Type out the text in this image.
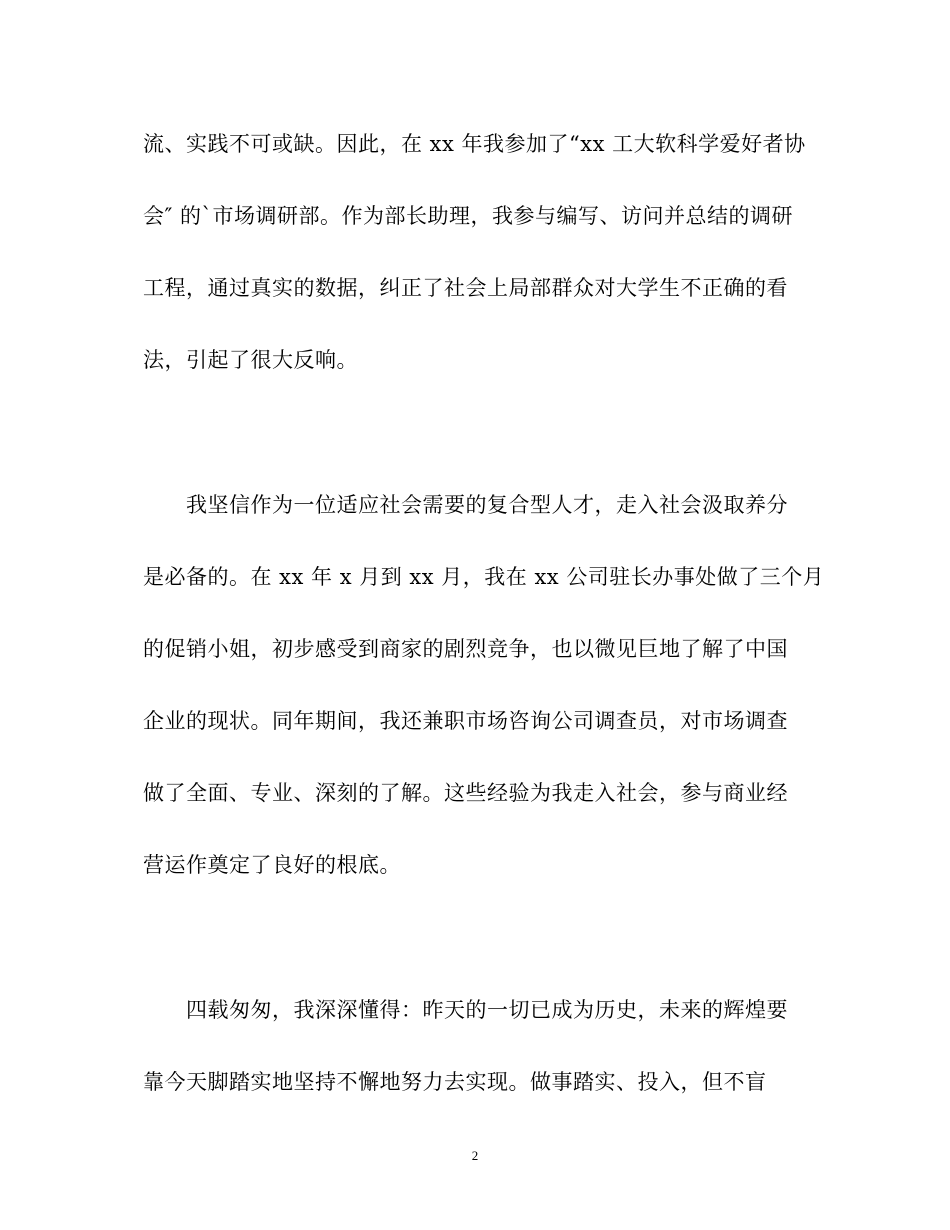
流、实践不可或缺。因此，在 xx 年我参加了“xx 工大软科学爱好者协
会″ 的`市场调研部。作为部长助理，我参与编写、访问并总结的调研
工程，通过真实的数据，纠正了社会上局部群众对大学生不正确的看
法，引起了很大反响。
我坚信作为一位适应社会需要的复合型人才，走入社会汲取养分
是必备的。在 xx 年 x 月到 xx 月，我在 xx 公司驻长办事处做了三个月
的促销小姐，初步感受到商家的剧烈竞争，也以微见巨地了解了中国
企业的现状。同年期间，我还兼职市场咨询公司调查员，对市场调查
做了全面、专业、深刻的了解。这些经验为我走入社会，参与商业经
营运作奠定了良好的根底。
四载匆匆，我深深懂得：昨天的一切已成为历史，未来的辉煌要
靠今天脚踏实地坚持不懈地努力去实现。做事踏实、投入，但不盲
2
